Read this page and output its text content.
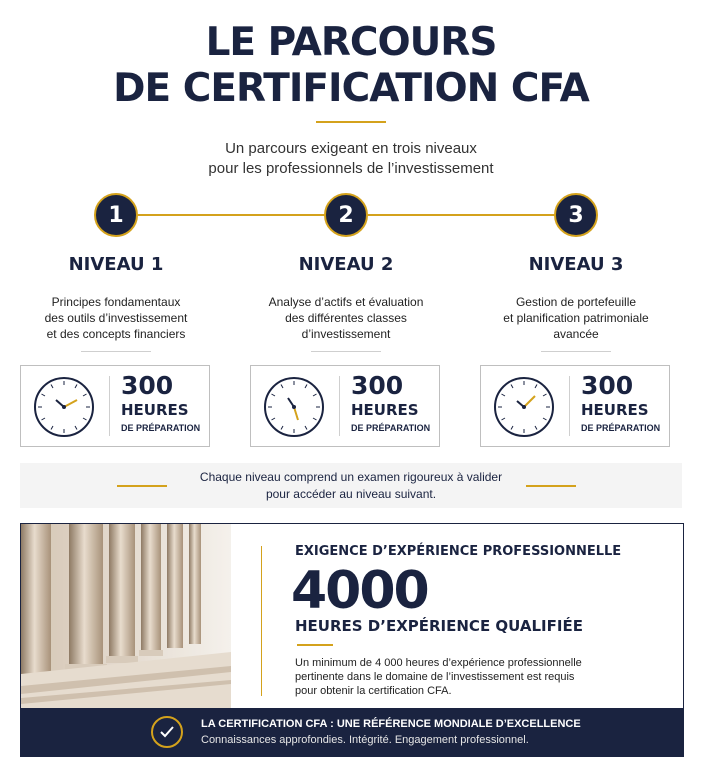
LE PARCOURS
DE CERTIFICATION CFA
Un parcours exigeant en trois niveaux
pour les professionnels de l’investissement
1
NIVEAU 1
Principes fondamentaux
des outils d’investissement
et des concepts financiers
300
HEURES
DE PRÉPARATION
2
NIVEAU 2
Analyse d’actifs et évaluation
des différentes classes
d’investissement
300
HEURES
DE PRÉPARATION
3
NIVEAU 3
Gestion de portefeuille
et planification patrimoniale
avancée
300
HEURES
DE PRÉPARATION
Chaque niveau comprend un examen rigoureux à valider
pour accéder au niveau suivant.
EXIGENCE D’EXPÉRIENCE PROFESSIONNELLE
4000
HEURES D’EXPÉRIENCE QUALIFIÉE
Un minimum de 4 000 heures d’expérience professionnelle
pertinente dans le domaine de l’investissement est requis
pour obtenir la certification CFA.
LA CERTIFICATION CFA : UNE RÉFÉRENCE MONDIALE D’EXCELLENCE
Connaissances approfondies. Intégrité. Engagement professionnel.
